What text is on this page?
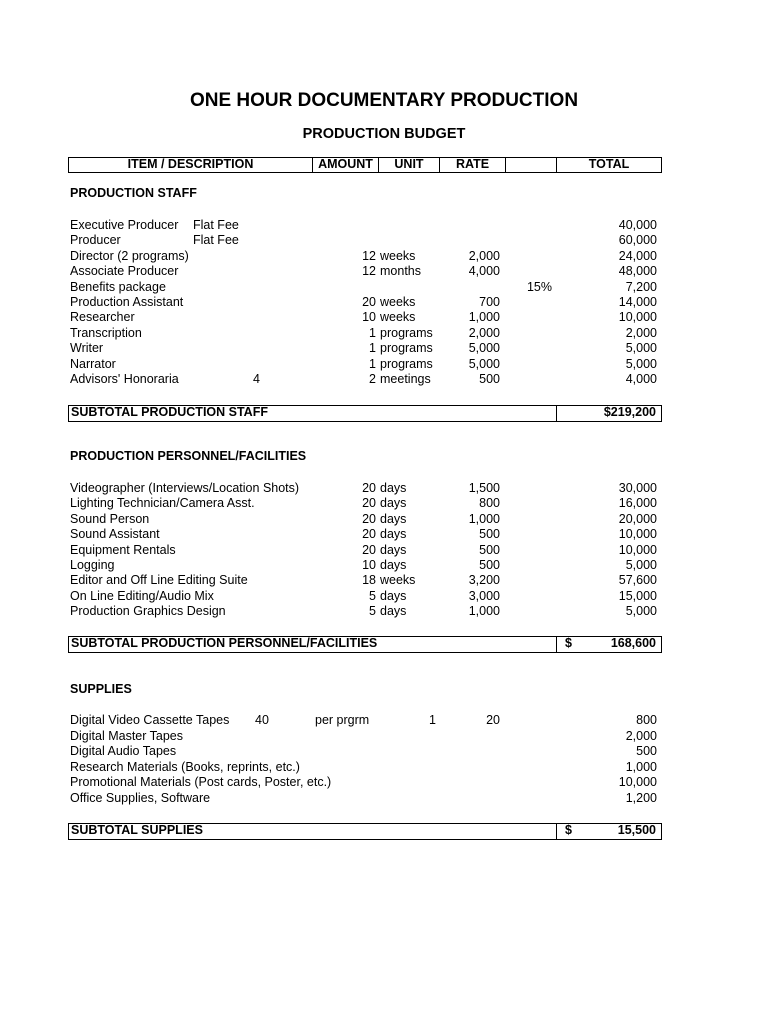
ONE HOUR DOCUMENTARY PRODUCTION
PRODUCTION BUDGET
ITEM / DESCRIPTION	AMOUNT	UNIT	RATE	TOTAL
PRODUCTION STAFF
Executive Producer Flat Fee	40,000
Producer	Flat Fee	60,000
Director (2 programs)	12 weeks	2,000	24,000
Associate Producer	12 months	4,000	48,000
Benefits package	15%	7,200
Production Assistant	20 weeks	700	14,000
Researcher	10 weeks	1,000	10,000
Transcription	1 programs	2,000	2,000
Writer	1 programs	5,000	5,000
Narrator	1 programs	5,000	5,000
Advisors' Honoraria	4	2 meetings	500	4,000
SUBTOTAL PRODUCTION STAFF	$219,200
PRODUCTION PERSONNEL/FACILITIES
Videographer (Interviews/Location Shots)	20 days	1,500	30,000
Lighting Technician/Camera Asst.	20 days	800	16,000
Sound Person	20 days	1,000	20,000
Sound Assistant	20 days	500	10,000
Equipment Rentals	20 days	500	10,000
Logging	10 days	500	5,000
Editor and Off Line Editing Suite	18 weeks	3,200	57,600
On Line Editing/Audio Mix	5 days	3,000	15,000
Production Graphics Design	5 days	1,000	5,000
SUBTOTAL PRODUCTION PERSONNEL/FACILITIES	$	168,600
SUPPLIES
Digital Video Cassette Tapes 40	per prgrm	1	20	800
Digital Master Tapes	2,000
Digital Audio Tapes	500
Research Materials (Books, reprints, etc.)	1,000
Promotional Materials (Post cards, Poster, etc.)	10,000
Office Supplies, Software	1,200
SUBTOTAL SUPPLIES	$	15,500
